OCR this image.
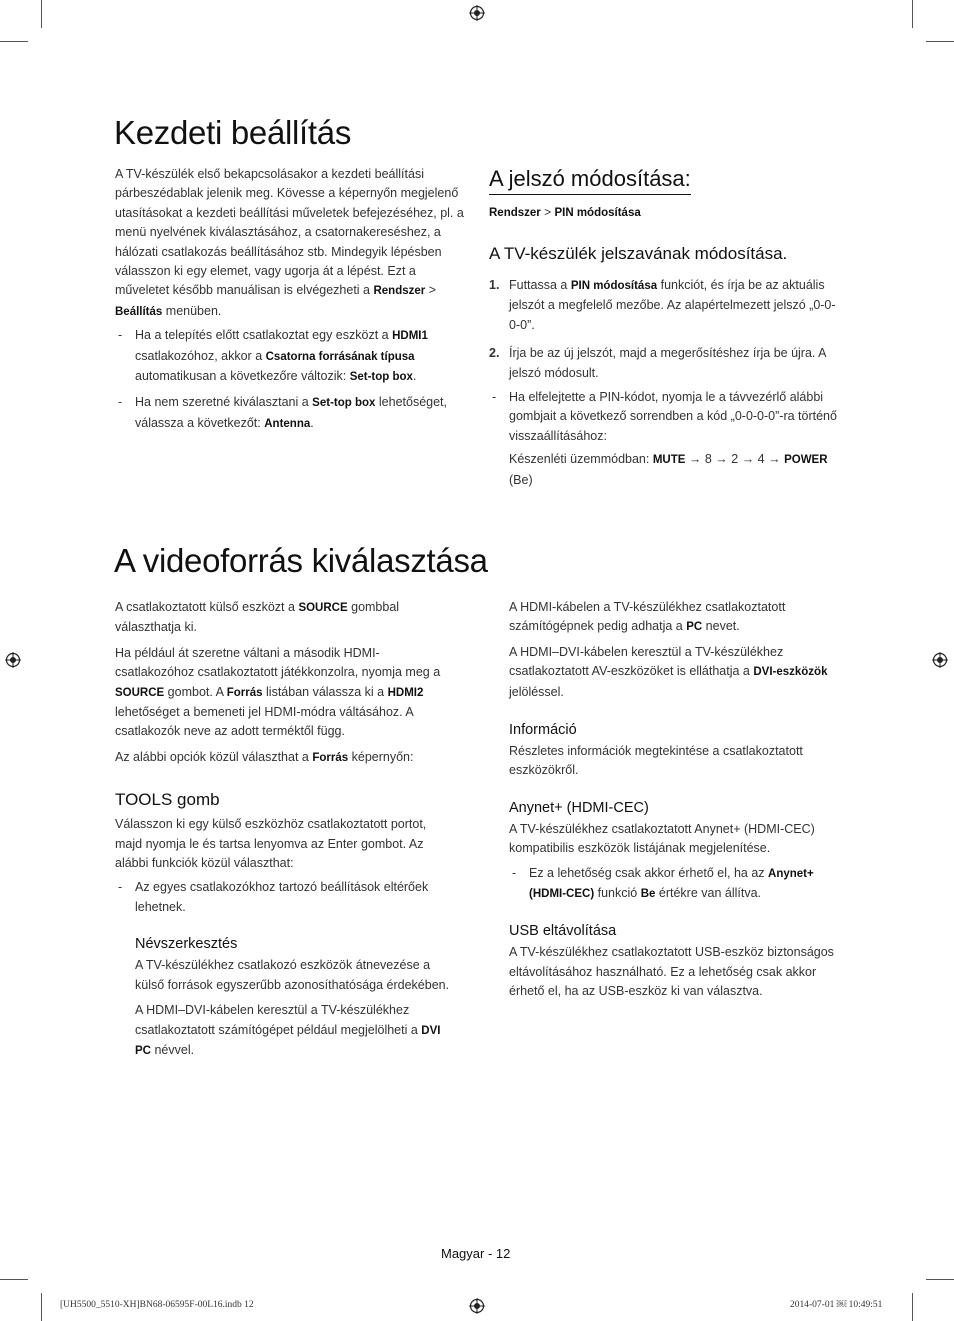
Kezdeti beállítás

A TV-készülék első bekapcsolásakor a kezdeti beállítási párbeszédablak jelenik meg. Kövesse a képernyőn megjelenő utasításokat a kezdeti beállítási műveletek befejezéséhez, pl. a menü nyelvének kiválasztásához, a csatornakereséshez, a hálózati csatlakozás beállításához stb. Mindegyik lépésben válasszon ki egy elemet, vagy ugorja át a lépést. Ezt a műveletet később manuálisan is elvégezheti a Rendszer > Beállítás menüben.

- Ha a telepítés előtt csatlakoztat egy eszközt a HDMI1 csatlakozóhoz, akkor a Csatorna forrásának típusa automatikusan a következőre változik: Set-top box.

- Ha nem szeretné kiválasztani a Set-top box lehetőséget, válassza a következőt: Antenna.

A jelszó módosítása:

Rendszer > PIN módosítása

A TV-készülék jelszavának módosítása.

1. Futtassa a PIN módosítása funkciót, és írja be az aktuális jelszót a megfelelő mezőbe. Az alapértelmezett jelszó „0-0-0-0”.

2. Írja be az új jelszót, majd a megerősítéshez írja be újra. A jelszó módosult.

- Ha elfelejtette a PIN-kódot, nyomja le a távvezérlő alábbi gombjait a következő sorrendben a kód „0-0-0-0”-ra történő visszaállításához:

Készenléti üzemmódban: MUTE → 8 → 2 → 4 → POWER (Be)

A videoforrás kiválasztása

A csatlakoztatott külső eszközt a SOURCE gombbal választhatja ki.

Ha például át szeretne váltani a második HDMI-csatlakozóhoz csatlakoztatott játékkonzolra, nyomja meg a SOURCE gombot. A Forrás listában válassza ki a HDMI2 lehetőséget a bemeneti jel HDMI-módra váltásához. A csatlakozók neve az adott terméktől függ.

Az alábbi opciók közül választhat a Forrás képernyőn:

TOOLS gomb

Válasszon ki egy külső eszközhöz csatlakoztatott portot, majd nyomja le és tartsa lenyomva az Enter gombot. Az alábbi funkciók közül választhat:

- Az egyes csatlakozókhoz tartozó beállítások eltérőek lehetnek.

Névszerkesztés

A TV-készülékhez csatlakozó eszközök átnevezése a külső források egyszerűbb azonosíthatósága érdekében.

A HDMI–DVI-kábelen keresztül a TV-készülékhez csatlakoztatott számítógépet például megjelölheti a DVI PC névvel.

A HDMI-kábelen a TV-készülékhez csatlakoztatott számítógépnek pedig adhatja a PC nevet.

A HDMI–DVI-kábelen keresztül a TV-készülékhez csatlakoztatott AV-eszközöket is elláthatja a DVI-eszközök jelöléssel.

Információ

Részletes információk megtekintése a csatlakoztatott eszközökről.

Anynet+ (HDMI-CEC)

A TV-készülékhez csatlakoztatott Anynet+ (HDMI-CEC) kompatibilis eszközök listájának megjelenítése.

- Ez a lehetőség csak akkor érhető el, ha az Anynet+ (HDMI-CEC) funkció Be értékre van állítva.

USB eltávolítása

A TV-készülékhez csatlakoztatott USB-eszköz biztonságos eltávolításához használható. Ez a lehetőség csak akkor érhető el, ha az USB-eszköz ki van választva.

Magyar - 12
[UH5500_5510-XH]BN68-06595F-00L16.indb 12	2014-07-01 ￼ 10:49:51
